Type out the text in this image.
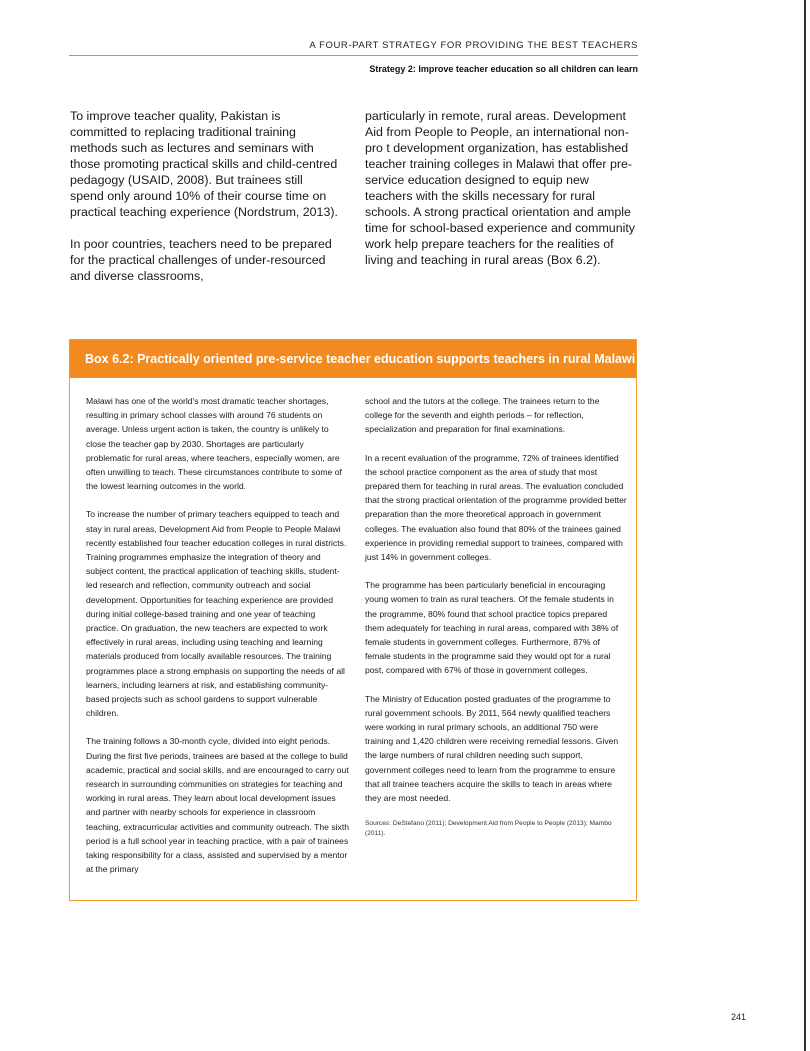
A FOUR-PART STRATEGY FOR PROVIDING THE BEST TEACHERS
Strategy 2: Improve teacher education so all children can learn

To improve teacher quality, Pakistan is committed to replacing traditional training methods such as lectures and seminars with those promoting practical skills and child-centred pedagogy (USAID, 2008). But trainees still spend only around 10% of their course time on practical teaching experience (Nordstrum, 2013).

In poor countries, teachers need to be prepared for the practical challenges of under-resourced and diverse classrooms,

particularly in remote, rural areas. Development Aid from People to People, an international non-pro t development organization, has established teacher training colleges in Malawi that offer pre-service education designed to equip new teachers with the skills necessary for rural schools. A strong practical orientation and ample time for school-based experience and community work help prepare teachers for the realities of living and teaching in rural areas (Box 6.2).

Box 6.2: Practically oriented pre-service teacher education supports teachers in rural Malawi

Malawi has one of the world’s most dramatic teacher shortages, resulting in primary school classes with around 76 students on average. Unless urgent action is taken, the country is unlikely to close the teacher gap by 2030. Shortages are particularly problematic for rural areas, where teachers, especially women, are often unwilling to teach. These circumstances contribute to some of the lowest learning outcomes in the world.

To increase the number of primary teachers equipped to teach and stay in rural areas, Development Aid from People to People Malawi recently established four teacher education colleges in rural districts. Training programmes emphasize the integration of theory and subject content, the practical application of teaching skills, student-led research and reflection, community outreach and social development. Opportunities for teaching experience are provided during initial college-based training and one year of teaching practice. On graduation, the new teachers are expected to work effectively in rural areas, including using teaching and learning materials produced from locally available resources. The training programmes place a strong emphasis on supporting the needs of all learners, including learners at risk, and establishing community-based projects such as school gardens to support vulnerable children.

The training follows a 30-month cycle, divided into eight periods. During the first five periods, trainees are based at the college to build academic, practical and social skills, and are encouraged to carry out research in surrounding communities on strategies for teaching and working in rural areas. They learn about local development issues and partner with nearby schools for experience in classroom teaching, extracurricular activities and community outreach. The sixth period is a full school year in teaching practice, with a pair of trainees taking responsibility for a class, assisted and supervised by a mentor at the primary

school and the tutors at the college. The trainees return to the college for the seventh and eighth periods – for reflection, specialization and preparation for final examinations.

In a recent evaluation of the programme, 72% of trainees identified the school practice component as the area of study that most prepared them for teaching in rural areas. The evaluation concluded that the strong practical orientation of the programme provided better preparation than the more theoretical approach in government colleges. The evaluation also found that 80% of the trainees gained experience in providing remedial support to trainees, compared with just 14% in government colleges.

The programme has been particularly beneficial in encouraging young women to train as rural teachers. Of the female students in the programme, 80% found that school practice topics prepared them adequately for teaching in rural areas, compared with 38% of female students in government colleges. Furthermore, 87% of female students in the programme said they would opt for a rural post, compared with 67% of those in government colleges.

The Ministry of Education posted graduates of the programme to rural government schools. By 2011, 564 newly qualified teachers were working in rural primary schools, an additional 750 were training and 1,420 children were receiving remedial lessons. Given the large numbers of rural children needing such support, government colleges need to learn from the programme to ensure that all trainee teachers acquire the skills to teach in areas where they are most needed.

Sources: DeStefano (2011); Development Aid from People to People (2013); Mambo (2011).
241
